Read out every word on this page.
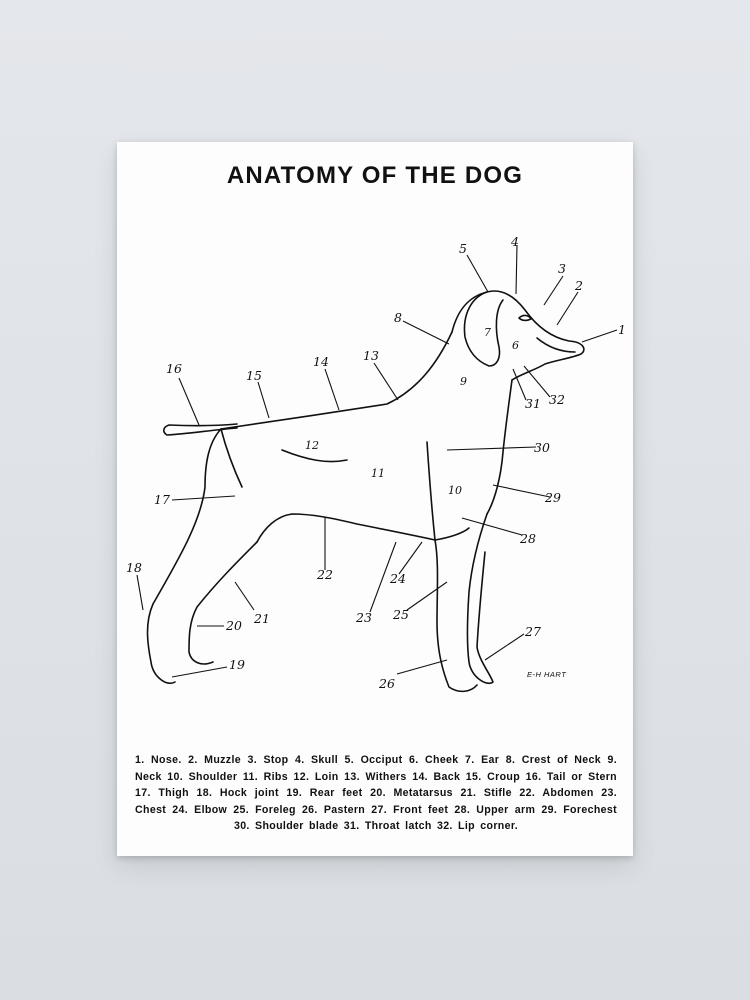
ANATOMY OF THE DOG
1
2
3
4
5
6
7
8
9
10
11
12
13
14
15
16
17
18
19
20 21
22
23
24
25
26
27
28
29
30
31 32
E-H HART
1. Nose. 2. Muzzle 3. Stop 4. Skull 5. Occiput 6. Cheek 7. Ear 8. Crest of Neck 9. Neck 10. Shoulder 11. Ribs 12. Loin 13. Withers 14. Back 15. Croup 16. Tail or Stern 17. Thigh 18. Hock joint 19. Rear feet 20. Metatarsus 21. Stifle 22. Abdomen 23. Chest 24. Elbow 25. Foreleg 26. Pastern 27. Front feet 28. Upper arm 29. Forechest 30. Shoulder blade 31. Throat latch 32. Lip corner.
